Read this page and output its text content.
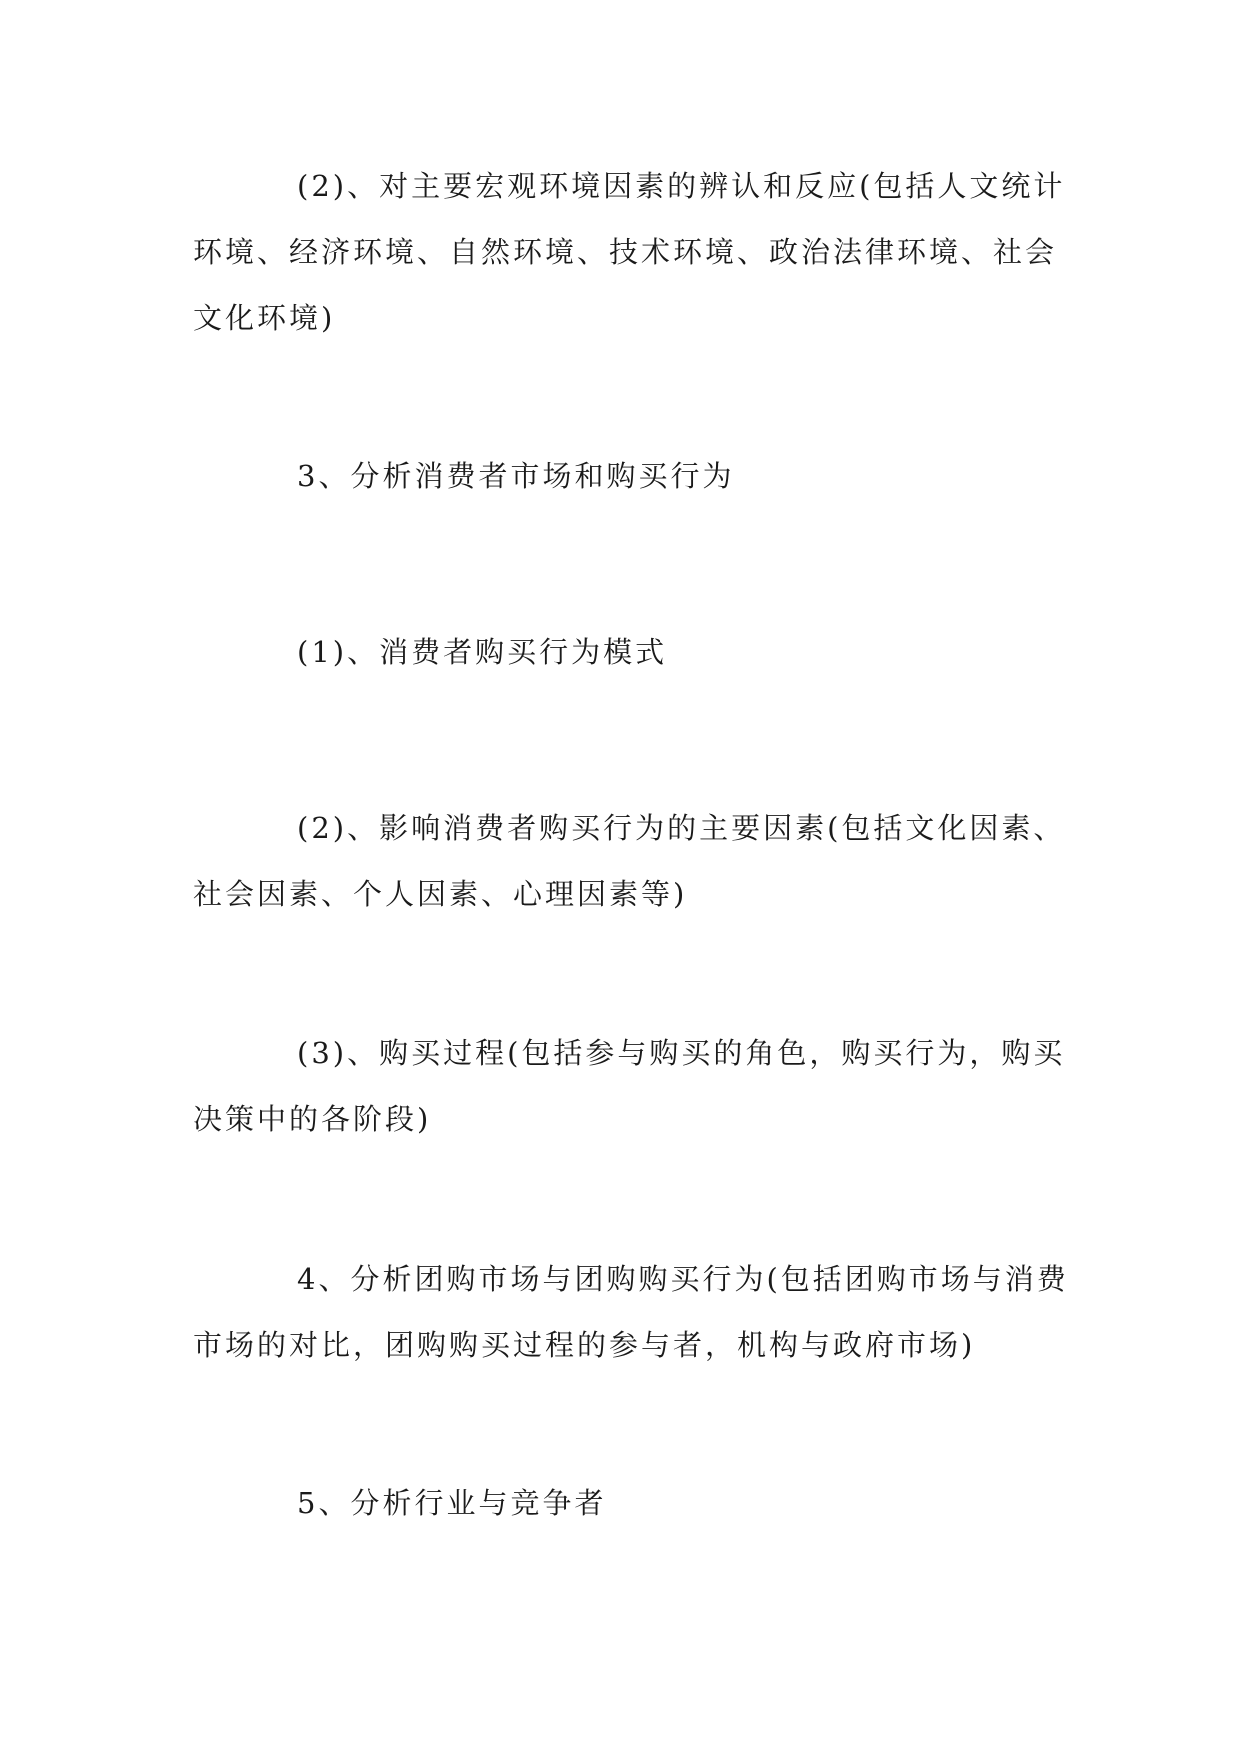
(2)、对主要宏观环境因素的辨认和反应(包括人文统计环境、经济环境、自然环境、技术环境、政治法律环境、社会文化环境)

3、分析消费者市场和购买行为

(1)、消费者购买行为模式

(2)、影响消费者购买行为的主要因素(包括文化因素、社会因素、个人因素、心理因素等)

(3)、购买过程(包括参与购买的角色，购买行为，购买决策中的各阶段)

4、分析团购市场与团购购买行为(包括团购市场与消费市场的对比，团购购买过程的参与者，机构与政府市场)

5、分析行业与竞争者
